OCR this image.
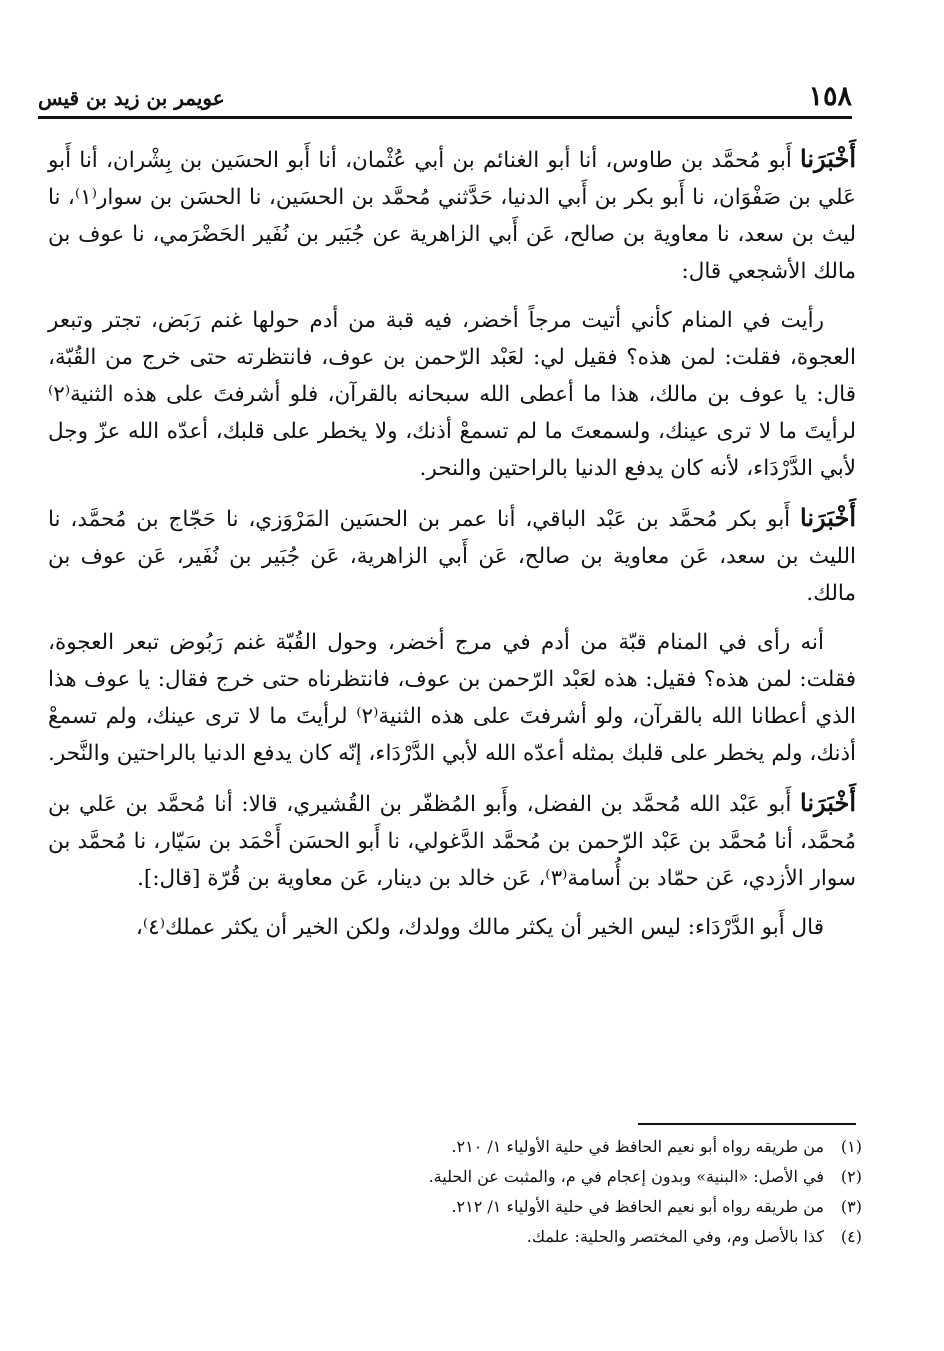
١٥٨
عويمر بن زيد بن قيس

أَخْبَرَنا أَبو مُحمَّد بن طاوس، أنا أبو الغنائم بن أبي عُثْمان، أنا أَبو الحسَين بن بِشْران، أنا أَبو عَلي بن صَفْوَان، نا أَبو بكر بن أَبي الدنيا، حَدَّثني مُحمَّد بن الحسَين، نا الحسَن بن سوار⁽١⁾، نا ليث بن سعد، نا معاوية بن صالح، عَن أَبي الزاهرية عن جُبَير بن نُفَير الحَضْرَمي، نا عوف بن مالك الأشجعي قال:

رأيت في المنام كأني أتيت مرجاً أخضر، فيه قبة من أدم حولها غنم رَبَض، تجتر وتبعر العجوة، فقلت: لمن هذه؟ فقيل لي: لعَبْد الرّحمن بن عوف، فانتظرته حتى خرج من القُبّة، قال: يا عوف بن مالك، هذا ما أعطى الله سبحانه بالقرآن، فلو أشرفتَ على هذه الثنية⁽٢⁾ لرأيتَ ما لا ترى عينك، ولسمعتَ ما لم تسمعْ أذنك، ولا يخطر على قلبك، أعدّه الله عزّ وجل لأبي الدَّرْدَاء، لأنه كان يدفع الدنيا بالراحتين والنحر.

أَخْبَرَنا أَبو بكر مُحمَّد بن عَبْد الباقي، أنا عمر بن الحسَين المَرْوَزي، نا حَجّاج بن مُحمَّد، نا الليث بن سعد، عَن معاوية بن صالح، عَن أَبي الزاهرية، عَن جُبَير بن نُفَير، عَن عوف بن مالك.

أنه رأى في المنام قبّة من أدم في مرج أخضر، وحول القُبّة غنم رَبُوض تبعر العجوة، فقلت: لمن هذه؟ فقيل: هذه لعَبْد الرّحمن بن عوف، فانتظرناه حتى خرج فقال: يا عوف هذا الذي أعطانا الله بالقرآن، ولو أشرفتَ على هذه الثنية⁽٢⁾ لرأيتَ ما لا ترى عينك، ولم تسمعْ أذنك، ولم يخطر على قلبك بمثله أعدّه الله لأبي الدَّرْدَاء، إنّه كان يدفع الدنيا بالراحتين والنَّحر.

أَخْبَرَنا أَبو عَبْد الله مُحمَّد بن الفضل، وأَبو المُظفّر بن القُشيري، قالا: أنا مُحمَّد بن عَلي بن مُحمَّد، أنا مُحمَّد بن عَبْد الرّحمن بن مُحمَّد الدَّغولي، نا أَبو الحسَن أَحْمَد بن سَيّار، نا مُحمَّد بن سوار الأزدي، عَن حمّاد بن أُسامة⁽٣⁾، عَن خالد بن دينار، عَن معاوية بن قُرّة [قال:].

قال أَبو الدَّرْدَاء: ليس الخير أن يكثر مالك وولدك، ولكن الخير أن يكثر عملك⁽٤⁾،

(١)من طريقه رواه أبو نعيم الحافظ في حلية الأولياء ١/ ٢١٠.

(٢)في الأصل: «البنية» وبدون إعجام في م، والمثبت عن الحلية.

(٣)من طريقه رواه أبو نعيم الحافظ في حلية الأولياء ١/ ٢١٢.

(٤)كذا بالأصل وم، وفي المختصر والحلية: علمك.
